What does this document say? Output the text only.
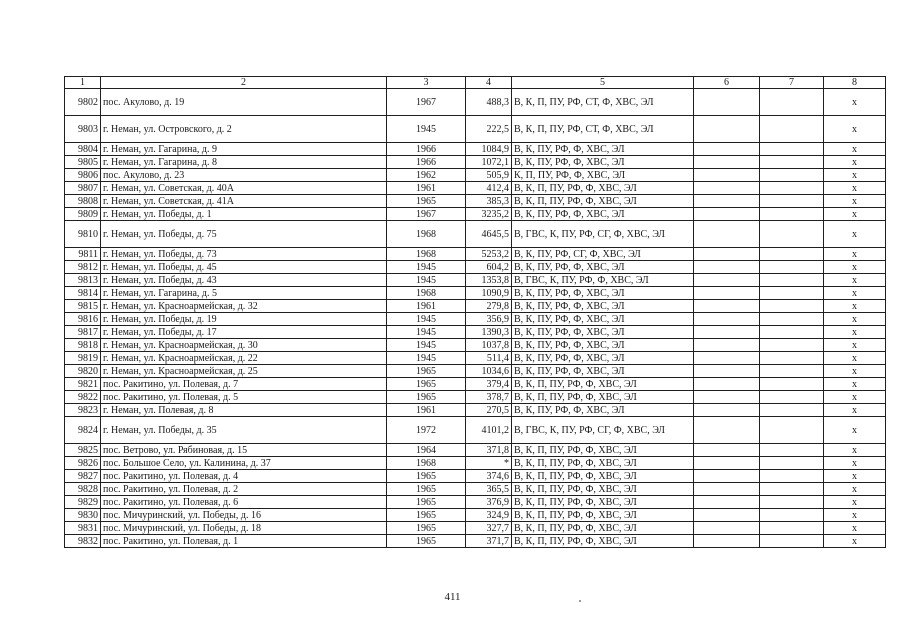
1	2	3	4	5	6	7	8
9802	пос. Акулово, д. 19	1967	488,3	В, К, П, ПУ, РФ, СТ, Ф, ХВС, ЭЛ			х
9803	г. Неман, ул. Островского, д. 2	1945	222,5	В, К, П, ПУ, РФ, СТ, Ф, ХВС, ЭЛ			х
9804	г. Неман, ул. Гагарина, д. 9	1966	1084,9	В, К, ПУ, РФ, Ф, ХВС, ЭЛ			х
9805	г. Неман, ул. Гагарина, д. 8	1966	1072,1	В, К, ПУ, РФ, Ф, ХВС, ЭЛ			х
9806	пос. Акулово, д. 23	1962	505,9	К, П, ПУ, РФ, Ф, ХВС, ЭЛ			х
9807	г. Неман, ул. Советская, д. 40А	1961	412,4	В, К, П, ПУ, РФ, Ф, ХВС, ЭЛ			х
9808	г. Неман, ул. Советская, д. 41А	1965	385,3	В, К, П, ПУ, РФ, Ф, ХВС, ЭЛ			х
9809	г. Неман, ул. Победы, д. 1	1967	3235,2	В, К, ПУ, РФ, Ф, ХВС, ЭЛ			х
9810	г. Неман, ул. Победы, д. 75	1968	4645,5	В, ГВС, К, ПУ, РФ, СГ, Ф, ХВС, ЭЛ			х
9811	г. Неман, ул. Победы, д. 73	1968	5253,2	В, К, ПУ, РФ, СГ, Ф, ХВС, ЭЛ			х
9812	г. Неман, ул. Победы, д. 45	1945	604,2	В, К, ПУ, РФ, Ф, ХВС, ЭЛ			х
9813	г. Неман, ул. Победы, д. 43	1945	1353,8	В, ГВС, К, ПУ, РФ, Ф, ХВС, ЭЛ			х
9814	г. Неман, ул. Гагарина, д. 5	1968	1090,9	В, К, ПУ, РФ, Ф, ХВС, ЭЛ			х
9815	г. Неман, ул. Красноармейская, д. 32	1961	279,8	В, К, ПУ, РФ, Ф, ХВС, ЭЛ			х
9816	г. Неман, ул. Победы, д. 19	1945	356,9	В, К, ПУ, РФ, Ф, ХВС, ЭЛ			х
9817	г. Неман, ул. Победы, д. 17	1945	1390,3	В, К, ПУ, РФ, Ф, ХВС, ЭЛ			х
9818	г. Неман, ул. Красноармейская, д. 30	1945	1037,8	В, К, ПУ, РФ, Ф, ХВС, ЭЛ			х
9819	г. Неман, ул. Красноармейская, д. 22	1945	511,4	В, К, ПУ, РФ, Ф, ХВС, ЭЛ			х
9820	г. Неман, ул. Красноармейская, д. 25	1965	1034,6	В, К, ПУ, РФ, Ф, ХВС, ЭЛ			х
9821	пос. Ракитино, ул. Полевая, д. 7	1965	379,4	В, К, П, ПУ, РФ, Ф, ХВС, ЭЛ			х
9822	пос. Ракитино, ул. Полевая, д. 5	1965	378,7	В, К, П, ПУ, РФ, Ф, ХВС, ЭЛ			х
9823	г. Неман, ул. Полевая, д. 8	1961	270,5	В, К, ПУ, РФ, Ф, ХВС, ЭЛ			х
9824	г. Неман, ул. Победы, д. 35	1972	4101,2	В, ГВС, К, ПУ, РФ, СГ, Ф, ХВС, ЭЛ			х
9825	пос. Ветрово, ул. Рябиновая, д. 15	1964	371,8	В, К, П, ПУ, РФ, Ф, ХВС, ЭЛ			х
9826	пос. Большое Село, ул. Калинина, д. 37	1968	*	В, К, П, ПУ, РФ, Ф, ХВС, ЭЛ			х
9827	пос. Ракитино, ул. Полевая, д. 4	1965	374,6	В, К, П, ПУ, РФ, Ф, ХВС, ЭЛ			х
9828	пос. Ракитино, ул. Полевая, д. 2	1965	365,5	В, К, П, ПУ, РФ, Ф, ХВС, ЭЛ			х
9829	пос. Ракитино, ул. Полевая, д. 6	1965	376,9	В, К, П, ПУ, РФ, Ф, ХВС, ЭЛ			х
9830	пос. Мичуринский, ул. Победы, д. 16	1965	324,9	В, К, П, ПУ, РФ, Ф, ХВС, ЭЛ			х
9831	пос. Мичуринский, ул. Победы, д. 18	1965	327,7	В, К, П, ПУ, РФ, Ф, ХВС, ЭЛ			х
9832	пос. Ракитино, ул. Полевая, д. 1	1965	371,7	В, К, П, ПУ, РФ, Ф, ХВС, ЭЛ			х
411
